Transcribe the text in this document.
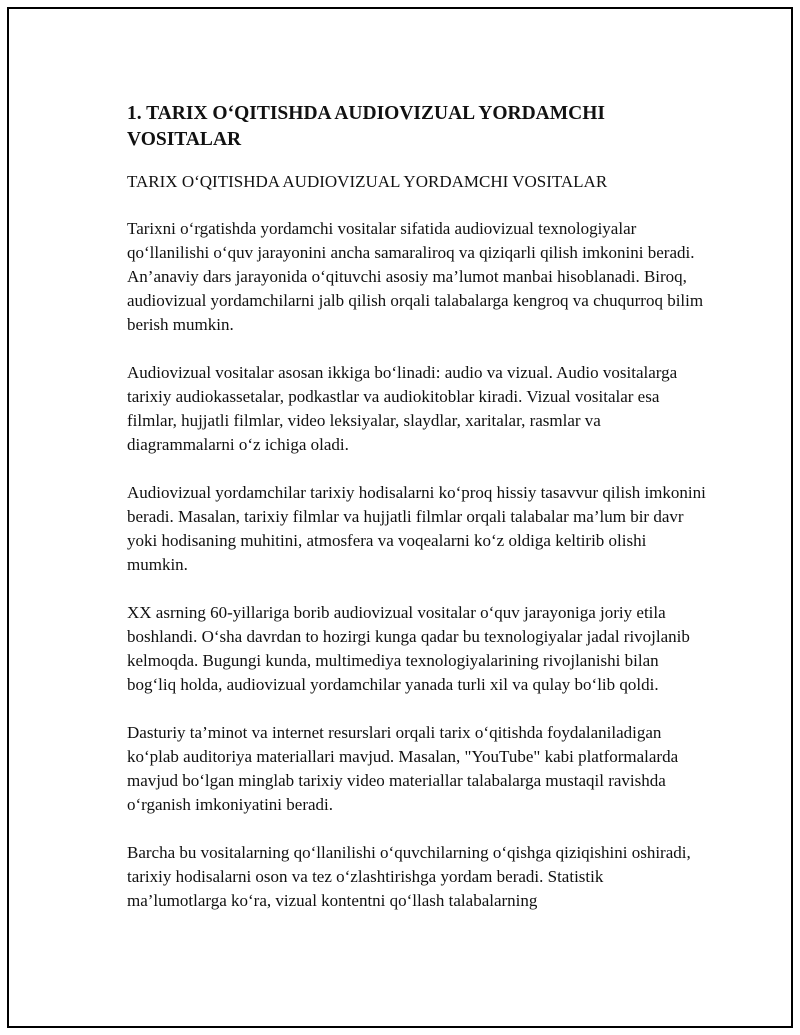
1. TARIX O‘QITISHDA AUDIOVIZUAL YORDAMCHI VOSITALAR

TARIX O‘QITISHDA AUDIOVIZUAL YORDAMCHI VOSITALAR

Tarixni o‘rgatishda yordamchi vositalar sifatida audiovizual texnologiyalar qo‘llanilishi o‘quv jarayonini ancha samaraliroq va qiziqarli qilish imkonini beradi. An’anaviy dars jarayonida o‘qituvchi asosiy ma’lumot manbai hisoblanadi. Biroq, audiovizual yordamchilarni jalb qilish orqali talabalarga kengroq va chuqurroq bilim berish mumkin.

Audiovizual vositalar asosan ikkiga bo‘linadi: audio va vizual. Audio vositalarga tarixiy audiokassetalar, podkastlar va audiokitoblar kiradi. Vizual vositalar esa filmlar, hujjatli filmlar, video leksiyalar, slaydlar, xaritalar, rasmlar va diagrammalarni o‘z ichiga oladi.

Audiovizual yordamchilar tarixiy hodisalarni ko‘proq hissiy tasavvur qilish imkonini beradi. Masalan, tarixiy filmlar va hujjatli filmlar orqali talabalar ma’lum bir davr yoki hodisaning muhitini, atmosfera va voqealarni ko‘z oldiga keltirib olishi mumkin.

XX asrning 60-yillariga borib audiovizual vositalar o‘quv jarayoniga joriy etila boshlandi. O‘sha davrdan to hozirgi kunga qadar bu texnologiyalar jadal rivojlanib kelmoqda. Bugungi kunda, multimediya texnologiyalarining rivojlanishi bilan bog‘liq holda, audiovizual yordamchilar yanada turli xil va qulay bo‘lib qoldi.

Dasturiy ta’minot va internet resurslari orqali tarix o‘qitishda foydalaniladigan ko‘plab auditoriya materiallari mavjud. Masalan, "YouTube" kabi platformalarda mavjud bo‘lgan minglab tarixiy video materiallar talabalarga mustaqil ravishda o‘rganish imkoniyatini beradi.

Barcha bu vositalarning qo‘llanilishi o‘quvchilarning o‘qishga qiziqishini oshiradi, tarixiy hodisalarni oson va tez o‘zlashtirishga yordam beradi. Statistik ma’lumotlarga ko‘ra, vizual kontentni qo‘llash talabalarning
